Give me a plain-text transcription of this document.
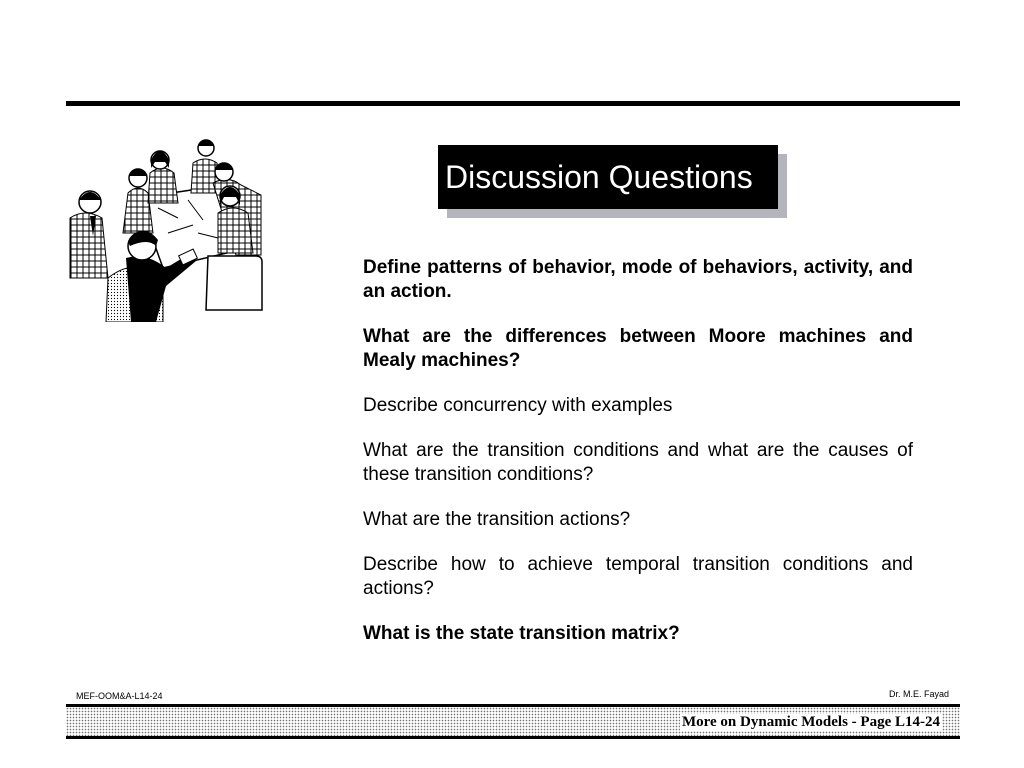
Discussion Questions

Define patterns of behavior, mode of behaviors, activity, and an action.

What are the differences between Moore machines and Mealy machines?

Describe concurrency with examples

What are the transition conditions and what are the causes of these transition conditions?

What are the transition actions?

Describe how to achieve temporal transition conditions and actions?

What is the state transition matrix?

MEF-OOM&A-L14-24	Dr. M.E. Fayad
More on Dynamic Models - Page L14-24
